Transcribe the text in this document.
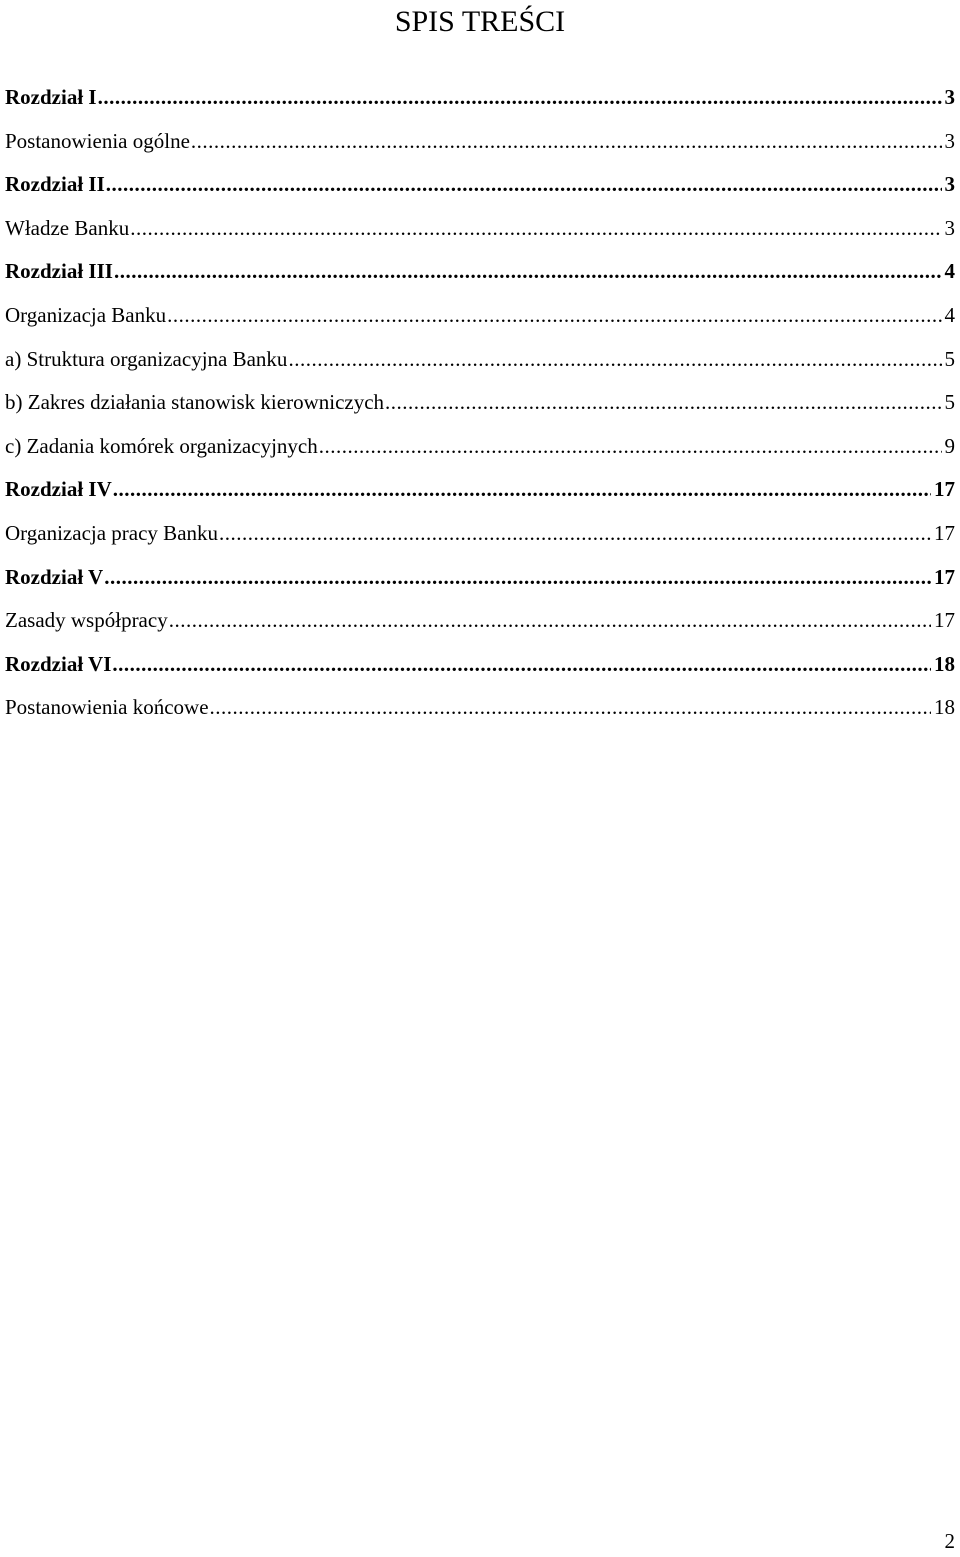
SPIS TREŚCI
Rozdział I .....	3
Postanowienia ogólne .....	3
Rozdział II .....	3
Władze Banku .....	3
Rozdział III .....	4
Organizacja Banku .....	4
a) Struktura organizacyjna Banku .....	5
b) Zakres działania stanowisk kierowniczych .....	5
c) Zadania komórek organizacyjnych .....	9
Rozdział IV .....	17
Organizacja pracy Banku .....	17
Rozdział V .....	17
Zasady współpracy .....	17
Rozdział VI .....	18
Postanowienia końcowe .....	18
2
